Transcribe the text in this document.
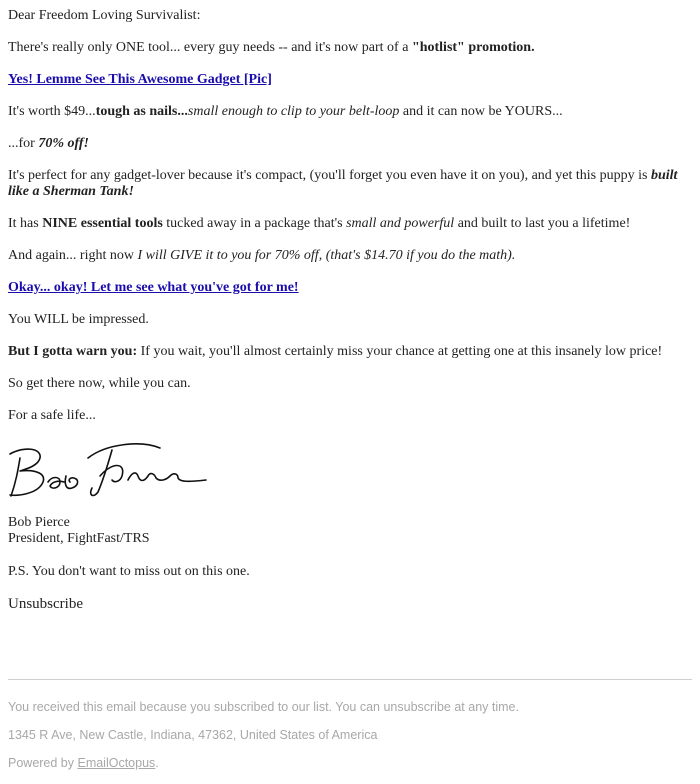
Dear Freedom Loving Survivalist:

There's really only ONE tool... every guy needs -- and it's now part of a "hotlist" promotion.

Yes! Lemme See This Awesome Gadget [Pic]

It's worth $49...tough as nails...small enough to clip to your belt-loop and it can now be YOURS...

...for 70% off!

It's perfect for any gadget-lover because it's compact, (you'll forget you even have it on you), and yet this puppy is built like a Sherman Tank!

It has NINE essential tools tucked away in a package that's small and powerful and built to last you a lifetime!

And again... right now I will GIVE it to you for 70% off, (that's $14.70 if you do the math).

Okay... okay! Let me see what you've got for me!

You WILL be impressed.

But I gotta warn you: If you wait, you'll almost certainly miss your chance at getting one at this insanely low price!

So get there now, while you can.

For a safe life...

Bob Pierce

President, FightFast/TRS

P.S. You don't want to miss out on this one.

Unsubscribe

You received this email because you subscribed to our list. You can unsubscribe at any time.
1345 R Ave, New Castle, Indiana, 47362, United States of America
Powered by EmailOctopus.
